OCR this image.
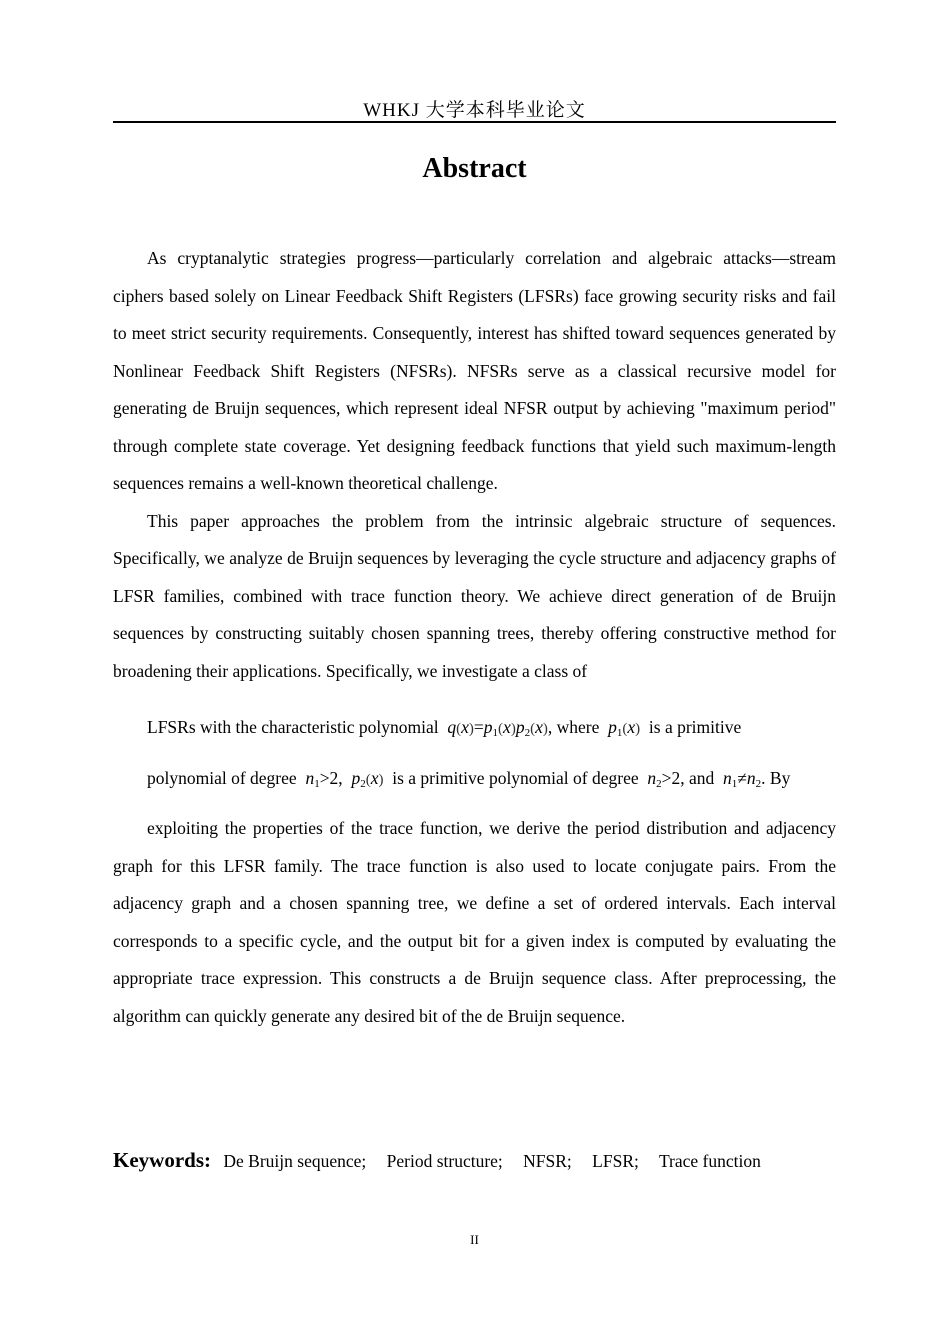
WHKJ 大学本科毕业论文
Abstract

As cryptanalytic strategies progress—particularly correlation and algebraic attacks—stream ciphers based solely on Linear Feedback Shift Registers (LFSRs) face growing security risks and fail to meet strict security requirements. Consequently, interest has shifted toward sequences generated by Nonlinear Feedback Shift Registers (NFSRs). NFSRs serve as a classical recursive model for generating de Bruijn sequences, which represent ideal NFSR output by achieving "maximum period" through complete state coverage. Yet designing feedback functions that yield such maximum-length sequences remains a well-known theoretical challenge.

This paper approaches the problem from the intrinsic algebraic structure of sequences. Specifically, we analyze de Bruijn sequences by leveraging the cycle structure and adjacency graphs of LFSR families, combined with trace function theory. We achieve direct generation of de Bruijn sequences by constructing suitably chosen spanning trees, thereby offering constructive method for broadening their applications. Specifically, we investigate a class of
LFSRs with the characteristic polynomial $q(x)=p_1(x)p_2(x)$, where $p_1(x)$ is a primitive
polynomial of degree $n_1>2$, $p_2(x)$ is a primitive polynomial of degree $n_2>2$, and $n_1\ne n_2$. By
exploiting the properties of the trace function, we derive the period distribution and adjacency graph for this LFSR family. The trace function is also used to locate conjugate pairs. From the adjacency graph and a chosen spanning tree, we define a set of ordered intervals. Each interval corresponds to a specific cycle, and the output bit for a given index is computed by evaluating the appropriate trace expression. This constructs a de Bruijn sequence class. After preprocessing, the algorithm can quickly generate any desired bit of the de Bruijn sequence.

Keywords: De Bruijn sequence; Period structure; NFSR; LFSR; Trace function
II
